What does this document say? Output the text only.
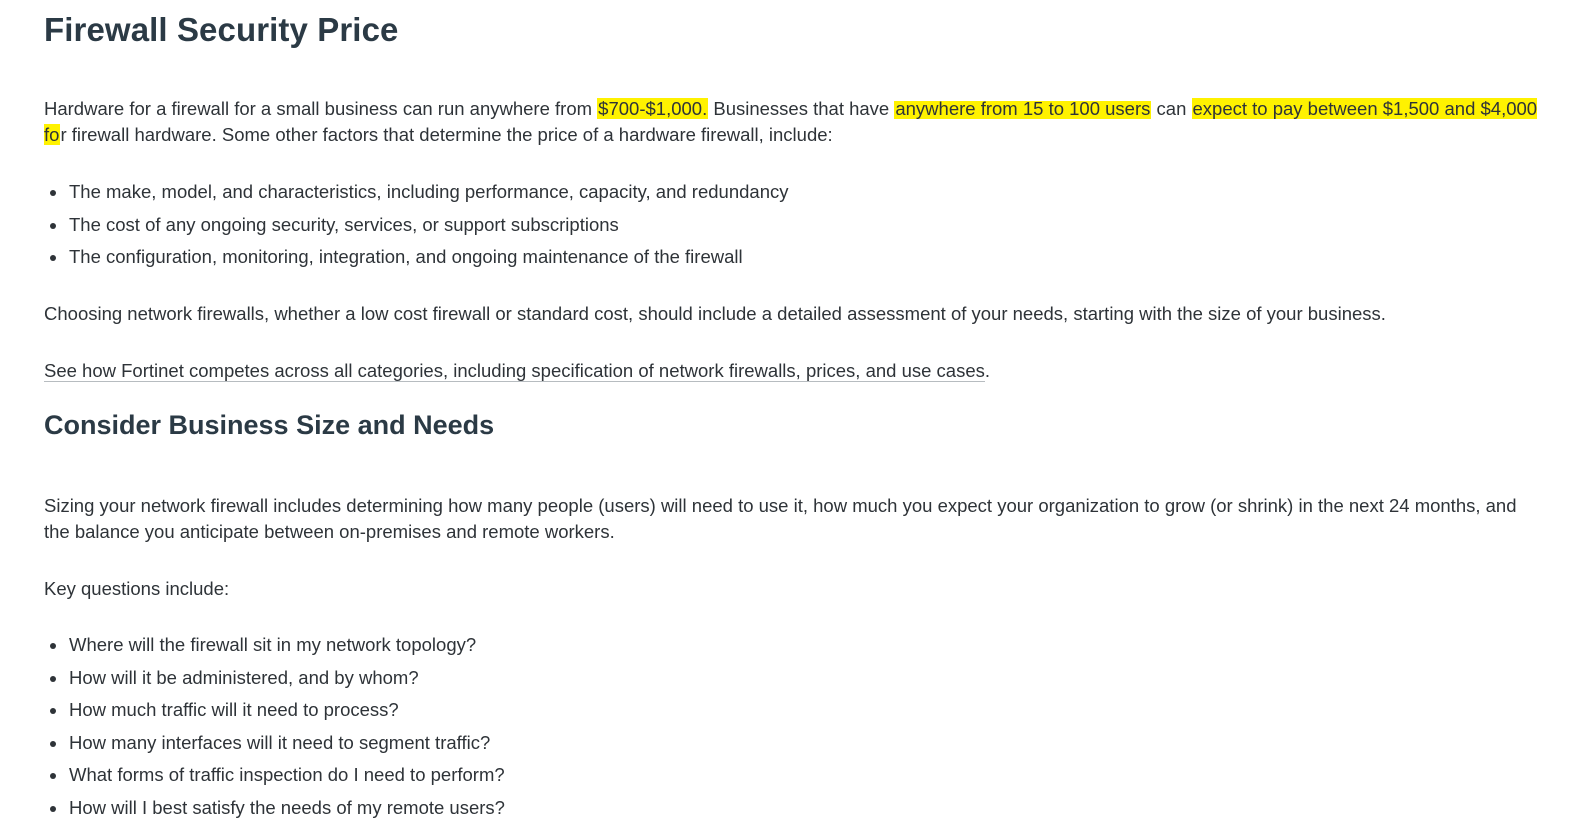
Firewall Security Price

Hardware for a firewall for a small business can run anywhere from $700-$1,000. Businesses that have anywhere from 15 to 100 users can expect to pay between $1,500 and $4,000 for firewall hardware. Some other factors that determine the price of a hardware firewall, include:

The make, model, and characteristics, including performance, capacity, and redundancy
The cost of any ongoing security, services, or support subscriptions
The configuration, monitoring, integration, and ongoing maintenance of the firewall

Choosing network firewalls, whether a low cost firewall or standard cost, should include a detailed assessment of your needs, starting with the size of your business.

See how Fortinet competes across all categories, including specification of network firewalls, prices, and use cases.

Consider Business Size and Needs

Sizing your network firewall includes determining how many people (users) will need to use it, how much you expect your organization to grow (or shrink) in the next 24 months, and the balance you anticipate between on-premises and remote workers.

Key questions include:

Where will the firewall sit in my network topology?
How will it be administered, and by whom?
How much traffic will it need to process?
How many interfaces will it need to segment traffic?
What forms of traffic inspection do I need to perform?
How will I best satisfy the needs of my remote users?
